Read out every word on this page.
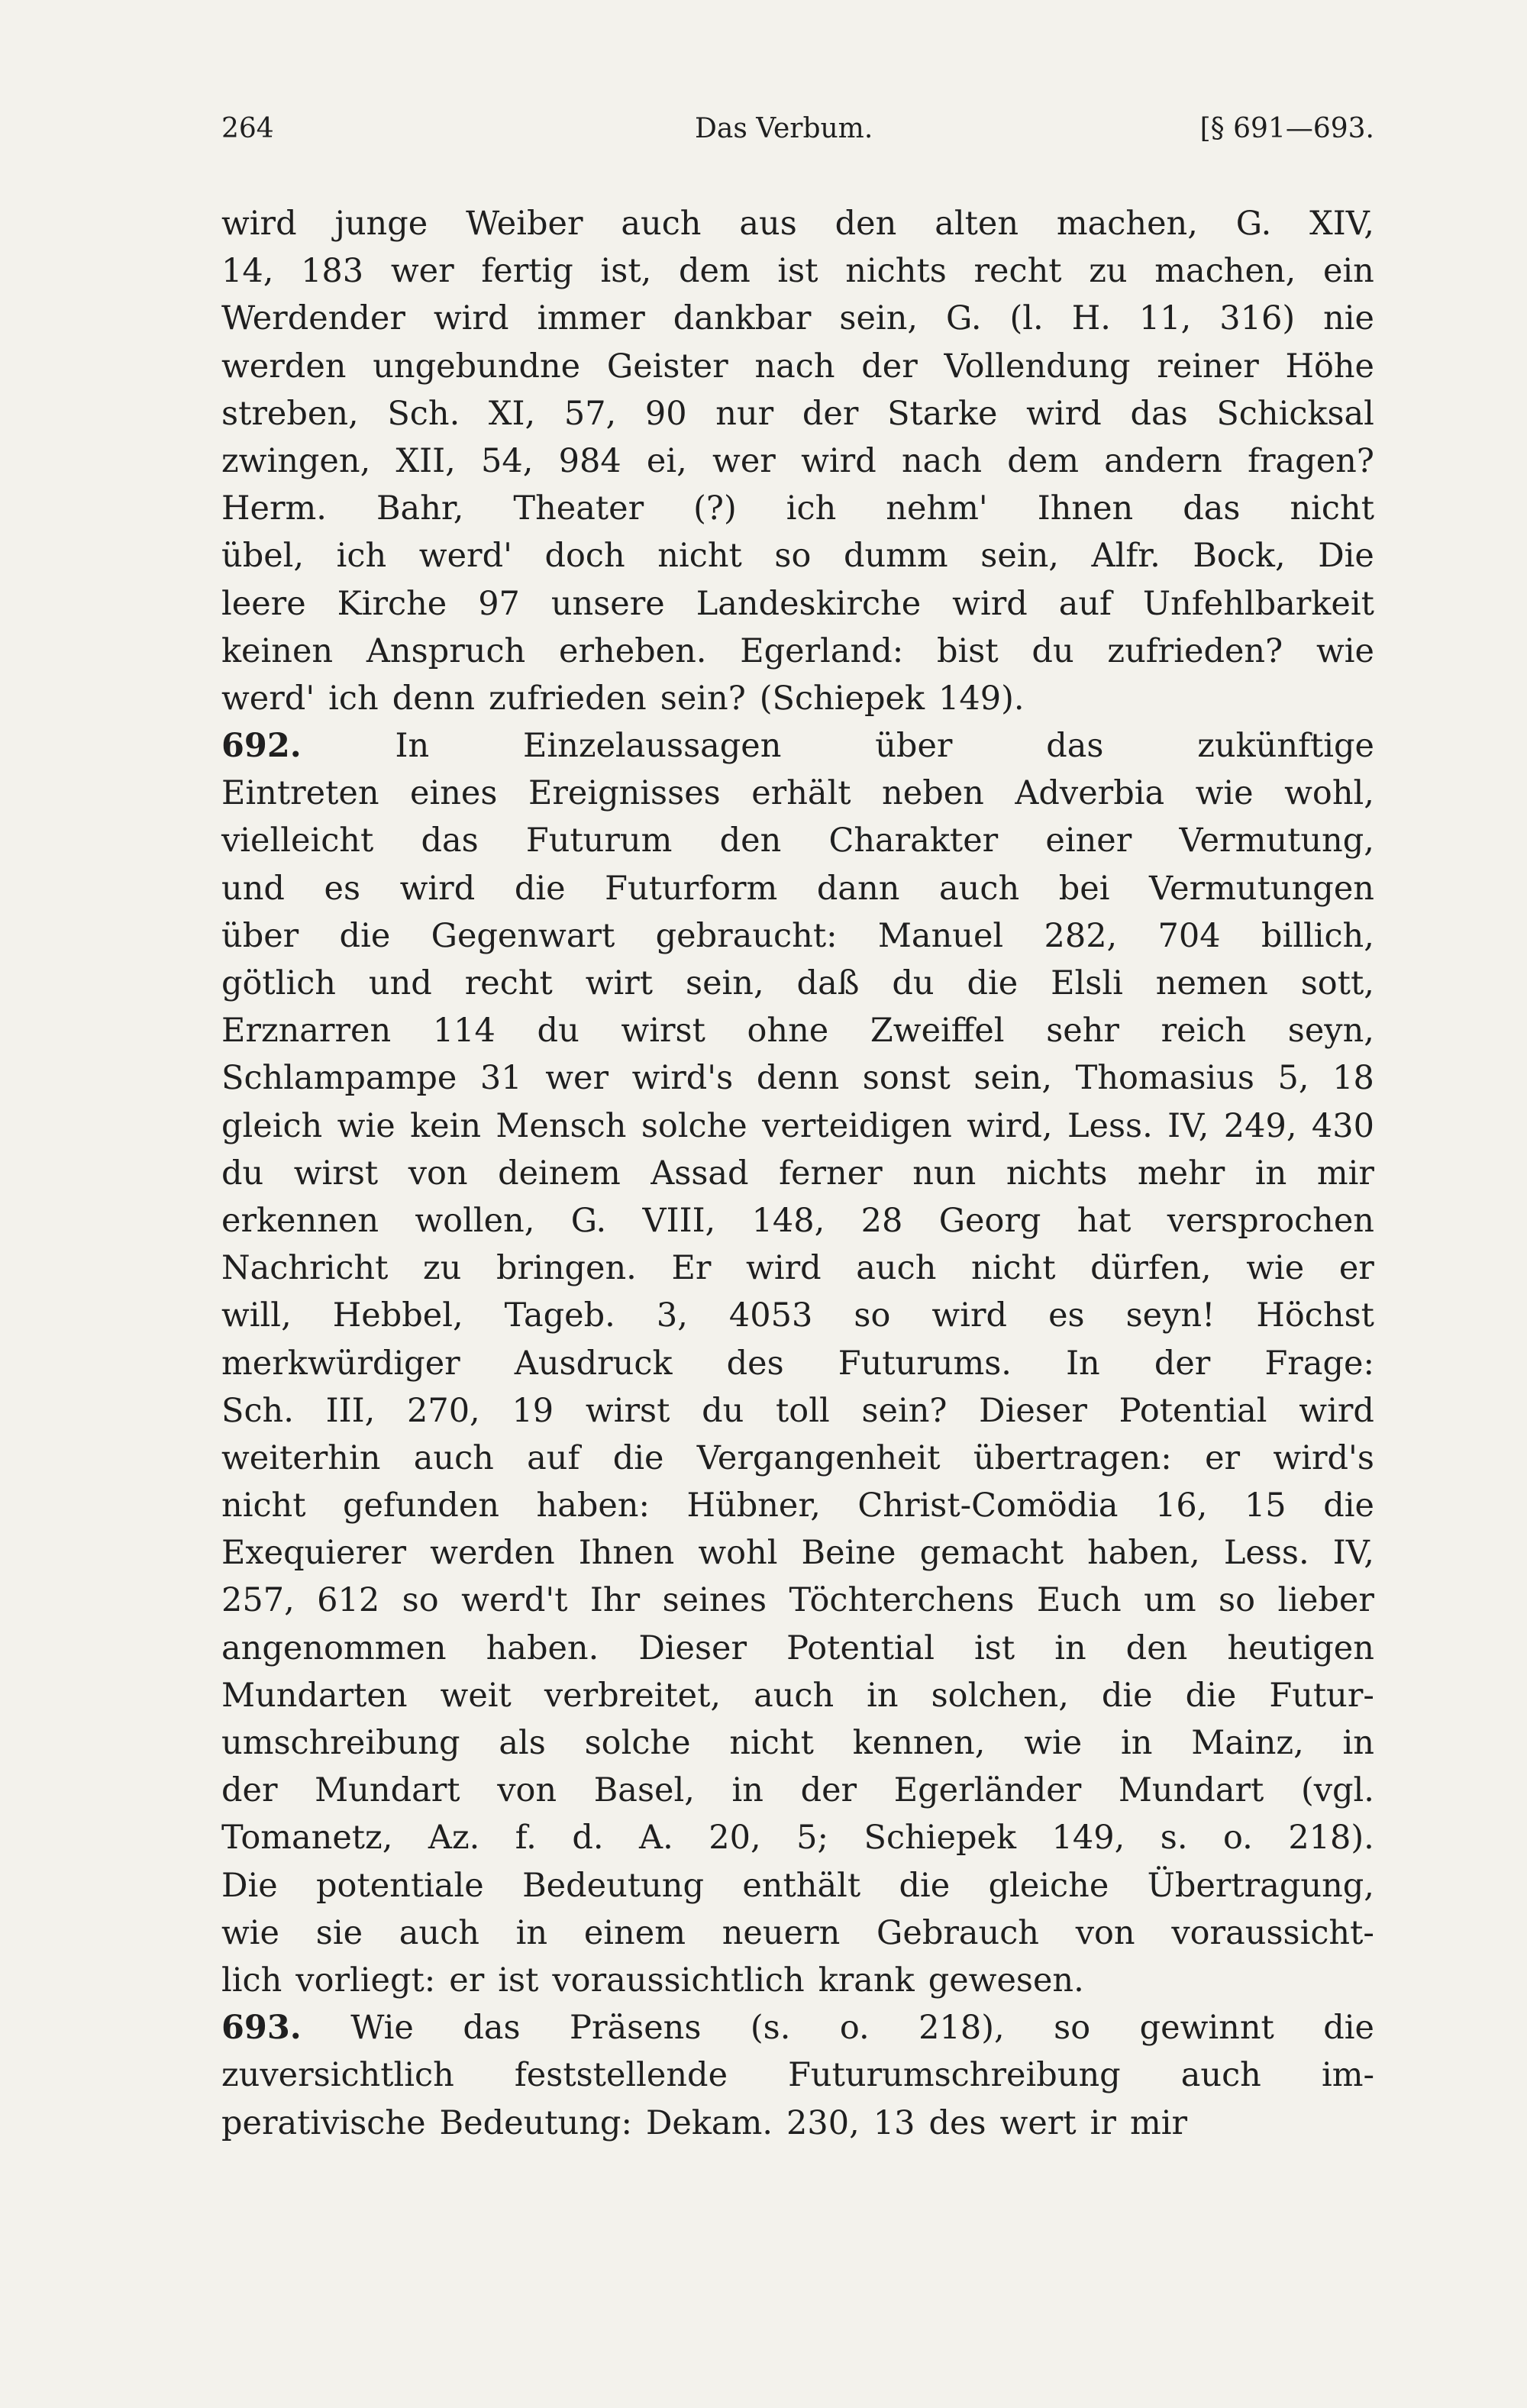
264	Das Verbum.	[§ 691—693.
wird junge Weiber auch aus den alten machen, G. XIV,
14, 183 wer fertig ist, dem ist nichts recht zu machen, ein
Werdender wird immer dankbar sein, G. (l. H. 11, 316) nie
werden ungebundne Geister nach der Vollendung reiner Höhe
streben, Sch. XI, 57, 90 nur der Starke wird das Schicksal
zwingen, XII, 54, 984 ei, wer wird nach dem andern fragen?
Herm. Bahr, Theater (?) ich nehm' Ihnen das nicht
übel, ich werd' doch nicht so dumm sein, Alfr. Bock, Die
leere Kirche 97 unsere Landeskirche wird auf Unfehlbarkeit
keinen Anspruch erheben. Egerland: bist du zufrieden? wie
werd' ich denn zufrieden sein? (Schiepek 149).
692.	In	Einzelaussagen	über	das	zukünftige
Eintreten eines Ereignisses erhält neben Adverbia wie wohl,
vielleicht das Futurum den Charakter einer Vermutung,
und es wird die Futurform dann auch bei Vermutungen
über die Gegenwart gebraucht: Manuel 282, 704 billich,
götlich und recht wirt sein, daß du die Elsli nemen sott,
Erznarren 114 du wirst ohne Zweiffel sehr reich seyn,
Schlampampe 31 wer wird's denn sonst sein, Thomasius 5, 18
gleich wie kein Mensch solche verteidigen wird, Less. IV, 249, 430
du wirst von deinem Assad ferner nun nichts mehr in mir
erkennen wollen, G. VIII, 148, 28 Georg hat versprochen
Nachricht zu bringen. Er wird auch nicht dürfen, wie er
will, Hebbel, Tageb. 3, 4053 so wird es seyn! Höchst
merkwürdiger Ausdruck des Futurums. In der Frage:
Sch. III, 270, 19 wirst du toll sein? Dieser Potential wird
weiterhin auch auf die Vergangenheit übertragen: er wird's
nicht gefunden haben: Hübner, Christ-Comödia 16, 15 die
Exequierer werden Ihnen wohl Beine gemacht haben, Less. IV,
257, 612 so werd't Ihr seines Töchterchens Euch um so lieber
angenommen haben. Dieser Potential ist in den heutigen
Mundarten weit verbreitet, auch in solchen, die die Futur-
umschreibung als solche nicht kennen, wie in Mainz, in
der Mundart von Basel, in der Egerländer Mundart (vgl.
Tomanetz, Az. f. d. A. 20, 5; Schiepek 149, s. o. 218).
Die potentiale Bedeutung enthält die gleiche Übertragung,
wie sie auch in einem neuern Gebrauch von voraussicht-
lich vorliegt: er ist voraussichtlich krank gewesen.
693. Wie das Präsens (s. o. 218), so gewinnt die
zuversichtlich feststellende Futurumschreibung auch im-
perativische Bedeutung: Dekam. 230, 13 des wert ir mir
